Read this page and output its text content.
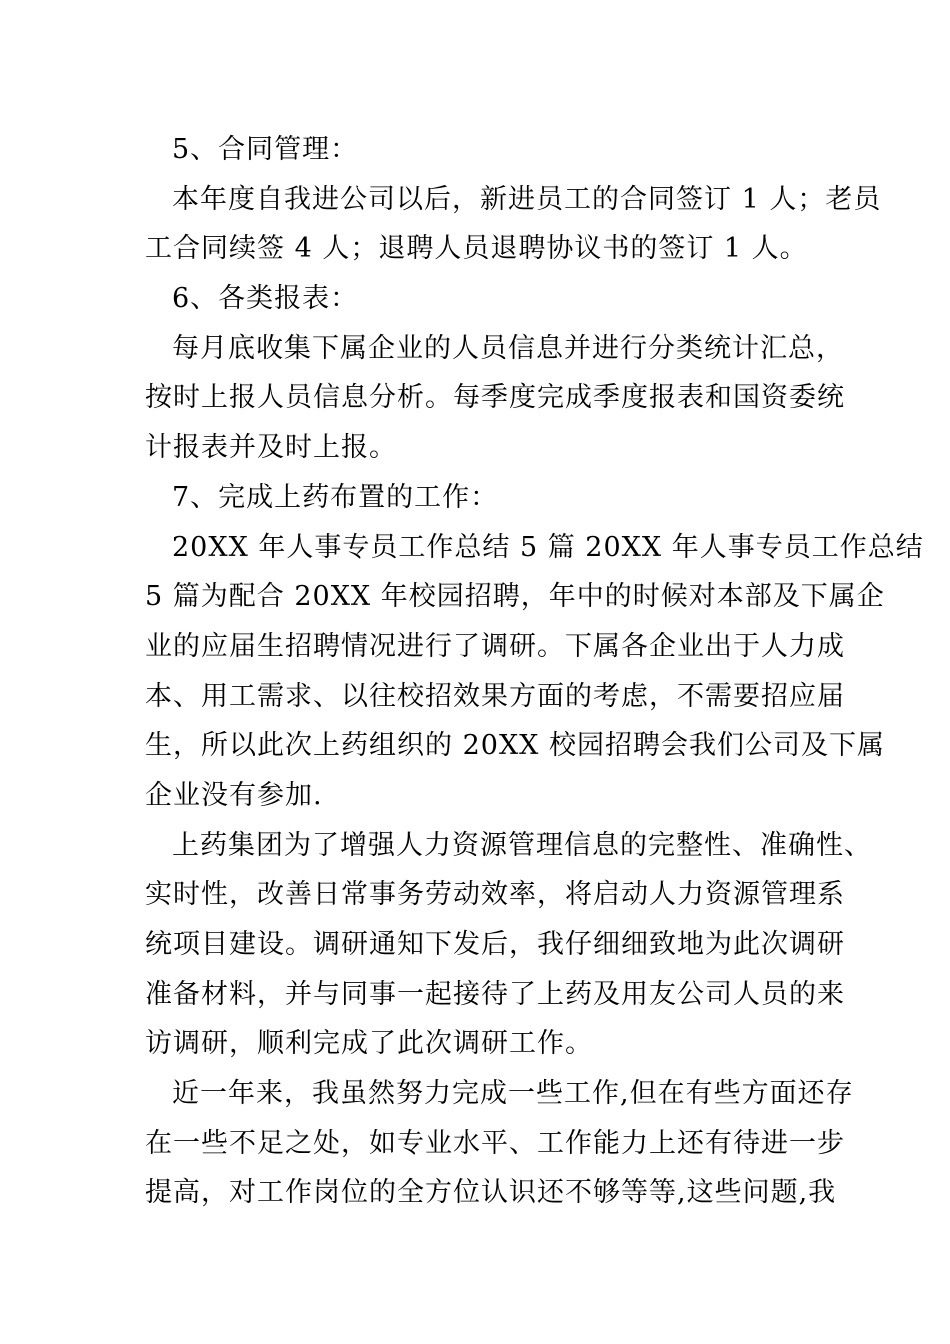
5、合同管理：
本年度自我进公司以后，新进员工的合同签订 1 人；老员
工合同续签 4 人；退聘人员退聘协议书的签订 1 人。
6、各类报表：
每月底收集下属企业的人员信息并进行分类统计汇总，
按时上报人员信息分析。每季度完成季度报表和国资委统
计报表并及时上报。
7、完成上药布置的工作：
20XX 年人事专员工作总结 5 篇 20XX 年人事专员工作总结
5 篇为配合 20XX 年校园招聘，年中的时候对本部及下属企
业的应届生招聘情况进行了调研。下属各企业出于人力成
本、用工需求、以往校招效果方面的考虑，不需要招应届
生，所以此次上药组织的 20XX 校园招聘会我们公司及下属
企业没有参加.
上药集团为了增强人力资源管理信息的完整性、准确性、
实时性，改善日常事务劳动效率，将启动人力资源管理系
统项目建设。调研通知下发后，我仔细细致地为此次调研
准备材料，并与同事一起接待了上药及用友公司人员的来
访调研，顺利完成了此次调研工作。
近一年来，我虽然努力完成一些工作,但在有些方面还存
在一些不足之处，如专业水平、工作能力上还有待进一步
提高，对工作岗位的全方位认识还不够等等,这些问题,我
